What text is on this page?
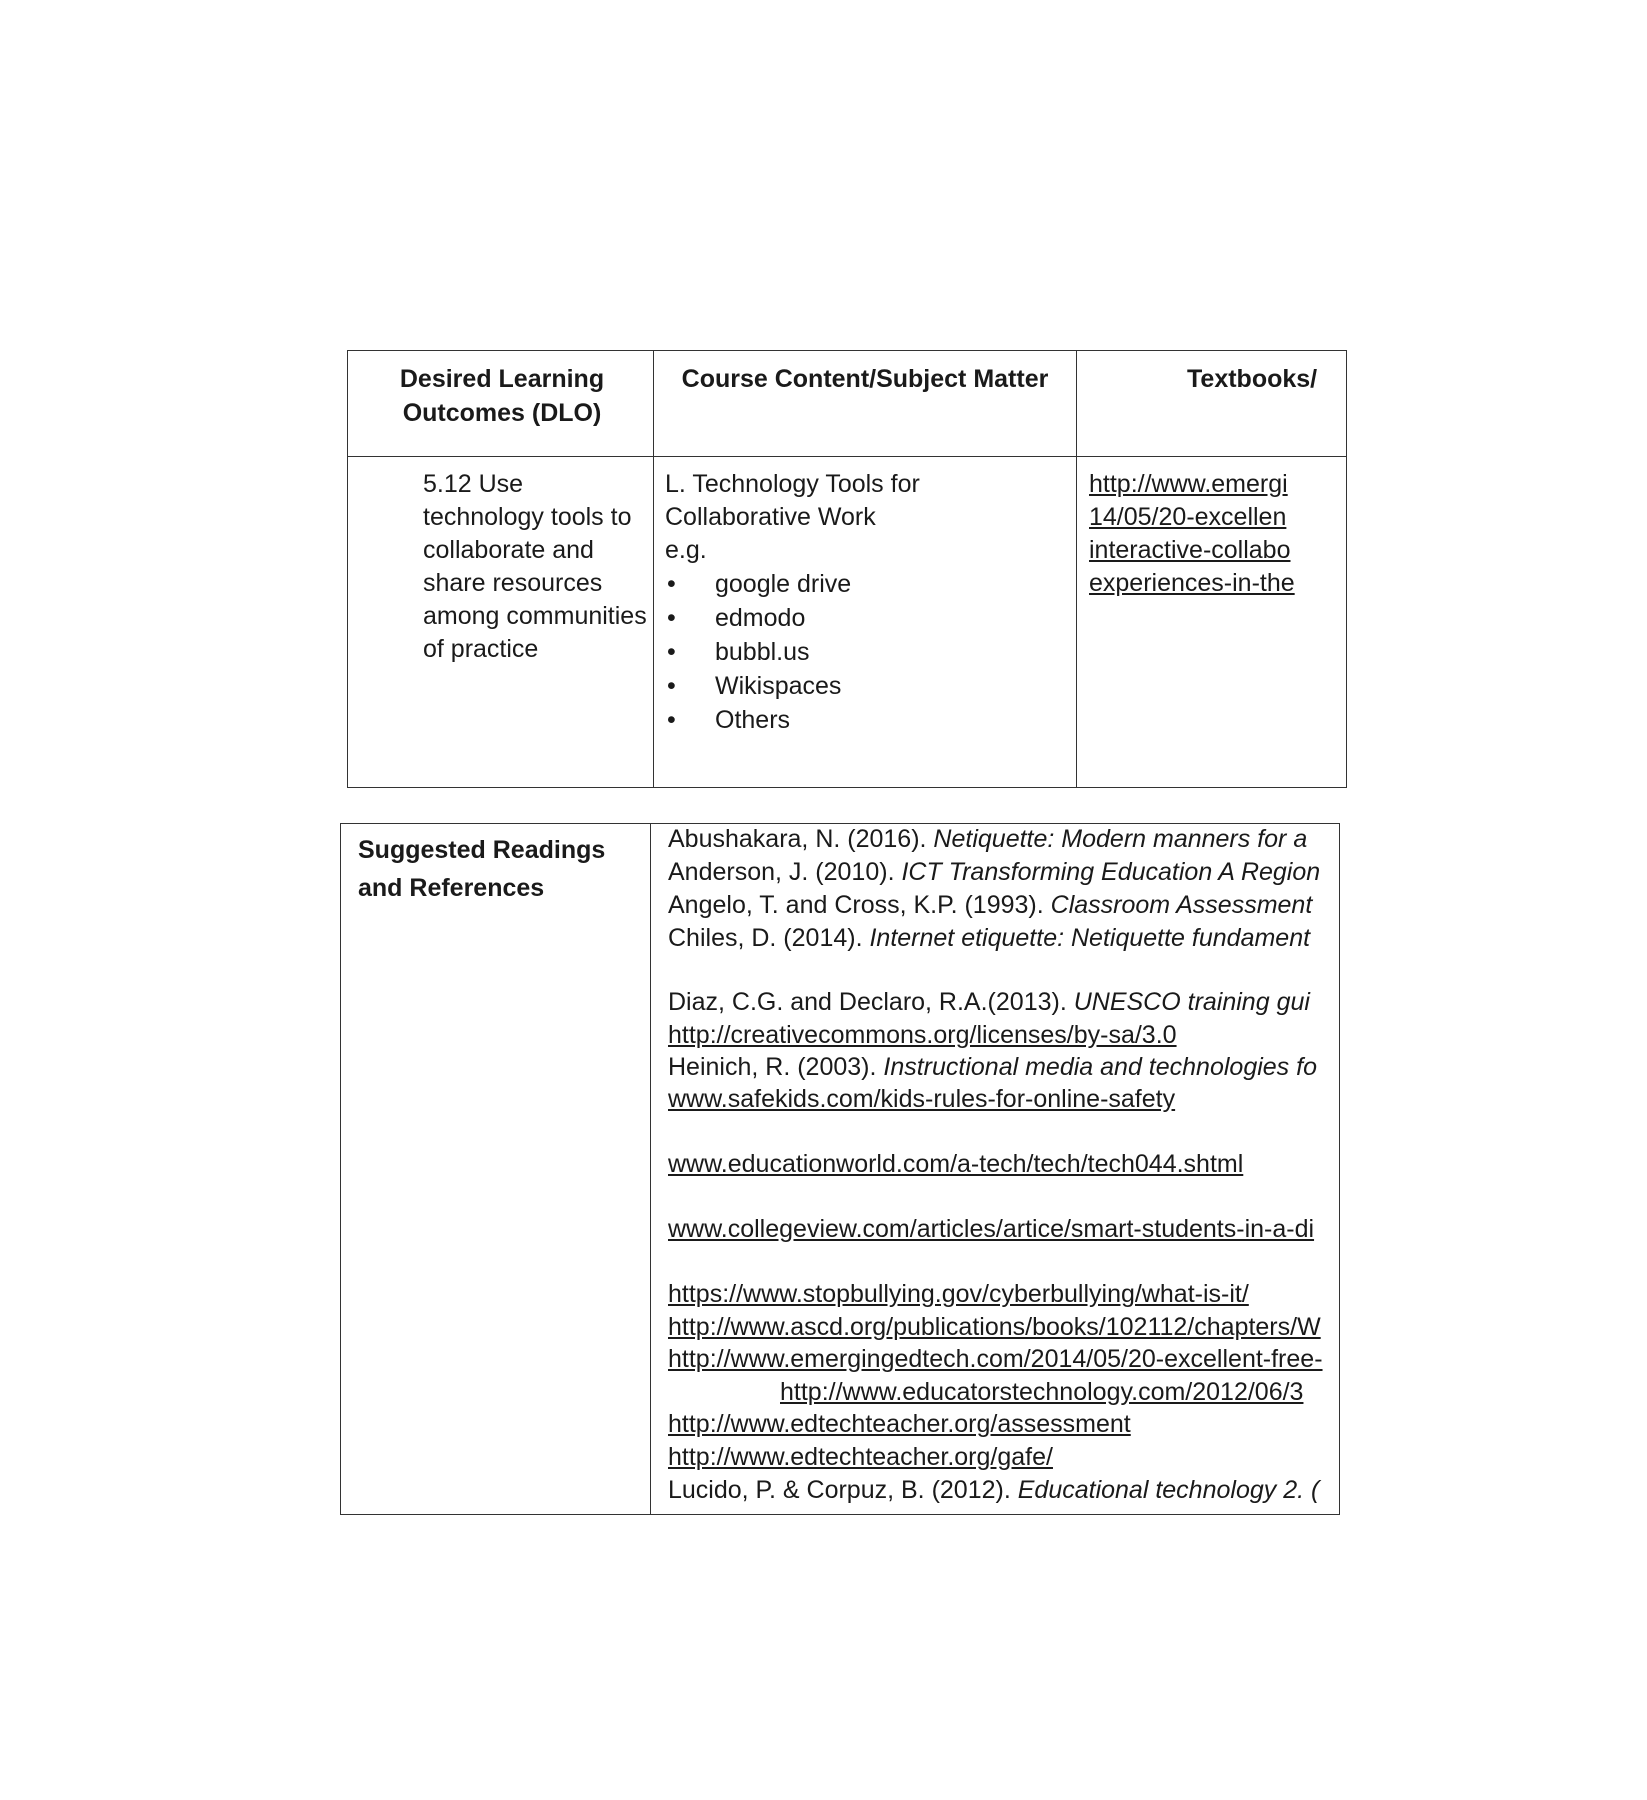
Desired Learning Outcomes (DLO)
Course Content/Subject Matter	Textbooks/
5.12 Use technology tools to collaborate and share resources among communities of practice
L. Technology Tools for Collaborative Work
e.g.
• google drive
• edmodo
• bubbl.us
• Wikispaces
• Others
http://www.emergi
14/05/20-excellen
interactive-collabo
experiences-in-the
Suggested Readings
and References
Abushakara, N. (2016). Netiquette: Modern manners for a
Anderson, J. (2010). ICT Transforming Education A Region
Angelo, T. and Cross, K.P. (1993). Classroom Assessment
Chiles, D. (2014). Internet etiquette: Netiquette fundament
Diaz, C.G. and Declaro, R.A.(2013). UNESCO training gui
http://creativecommons.org/licenses/by-sa/3.0
Heinich, R. (2003). Instructional media and technologies fo
www.safekids.com/kids-rules-for-online-safety
www.educationworld.com/a-tech/tech/tech044.shtml
www.collegeview.com/articles/artice/smart-students-in-a-di
https://www.stopbullying.gov/cyberbullying/what-is-it/
http://www.ascd.org/publications/books/102112/chapters/W
http://www.emergingedtech.com/2014/05/20-excellent-free-
http://www.educatorstechnology.com/2012/06/3
http://www.edtechteacher.org/assessment
http://www.edtechteacher.org/gafe/
Lucido, P. & Corpuz, B. (2012). Educational technology 2. (
